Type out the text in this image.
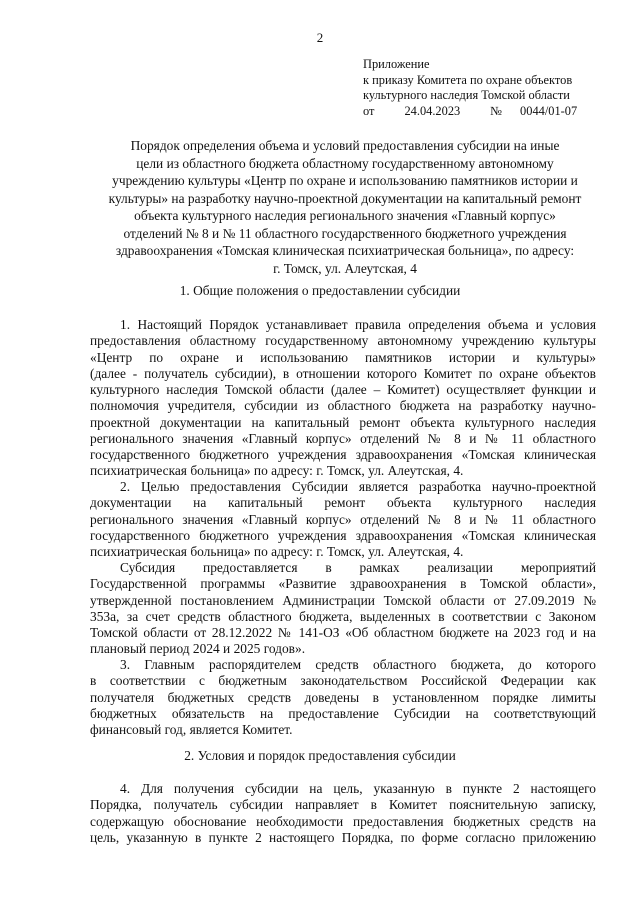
2
Приложение
к приказу Комитета по охране объектов
культурного наследия Томской области
от 24.04.2023 № 0044/01-07
Порядок определения объема и условий предоставления субсидии на иные
цели из областного бюджета областному государственному автономному
учреждению культуры «Центр по охране и использованию памятников истории и
культуры» на разработку научно-проектной документации на капитальный ремонт
объекта культурного наследия регионального значения «Главный корпус»
отделений № 8 и № 11 областного государственного бюджетного учреждения
здравоохранения «Томская клиническая психиатрическая больница», по адресу:
г. Томск, ул. Алеутская, 4
1. Общие положения о предоставлении субсидии
1. Настоящий Порядок устанавливает правила определения объема и условия
предоставления областному государственному автономному учреждению культуры
«Центр по охране и использованию памятников истории и культуры»
(далее - получатель субсидии), в отношении которого Комитет по охране объектов
культурного наследия Томской области (далее – Комитет) осуществляет функции и
полномочия учредителя, субсидии из областного бюджета на разработку научно-
проектной документации на капитальный ремонт объекта культурного наследия
регионального значения «Главный корпус» отделений № 8 и № 11 областного
государственного бюджетного учреждения здравоохранения «Томская клиническая
психиатрическая больница» по адресу: г. Томск, ул. Алеутская, 4.
2. Целью предоставления Субсидии является разработка научно-проектной
документации на капитальный ремонт объекта культурного наследия
регионального значения «Главный корпус» отделений № 8 и № 11 областного
государственного бюджетного учреждения здравоохранения «Томская клиническая
психиатрическая больница» по адресу: г. Томск, ул. Алеутская, 4.
Субсидия предоставляется в рамках реализации мероприятий
Государственной программы «Развитие здравоохранения в Томской области»,
утвержденной постановлением Администрации Томской области от 27.09.2019 №
353а, за счет средств областного бюджета, выделенных в соответствии с Законом
Томской области от 28.12.2022 № 141-ОЗ «Об областном бюджете на 2023 год и на
плановый период 2024 и 2025 годов».
3. Главным распорядителем средств областного бюджета, до которого
в соответствии с бюджетным законодательством Российской Федерации как
получателя бюджетных средств доведены в установленном порядке лимиты
бюджетных обязательств на предоставление Субсидии на соответствующий
финансовый год, является Комитет.
2. Условия и порядок предоставления субсидии
4. Для получения субсидии на цель, указанную в пункте 2 настоящего
Порядка, получатель субсидии направляет в Комитет пояснительную записку,
содержащую обоснование необходимости предоставления бюджетных средств на
цель, указанную в пункте 2 настоящего Порядка, по форме согласно приложению
